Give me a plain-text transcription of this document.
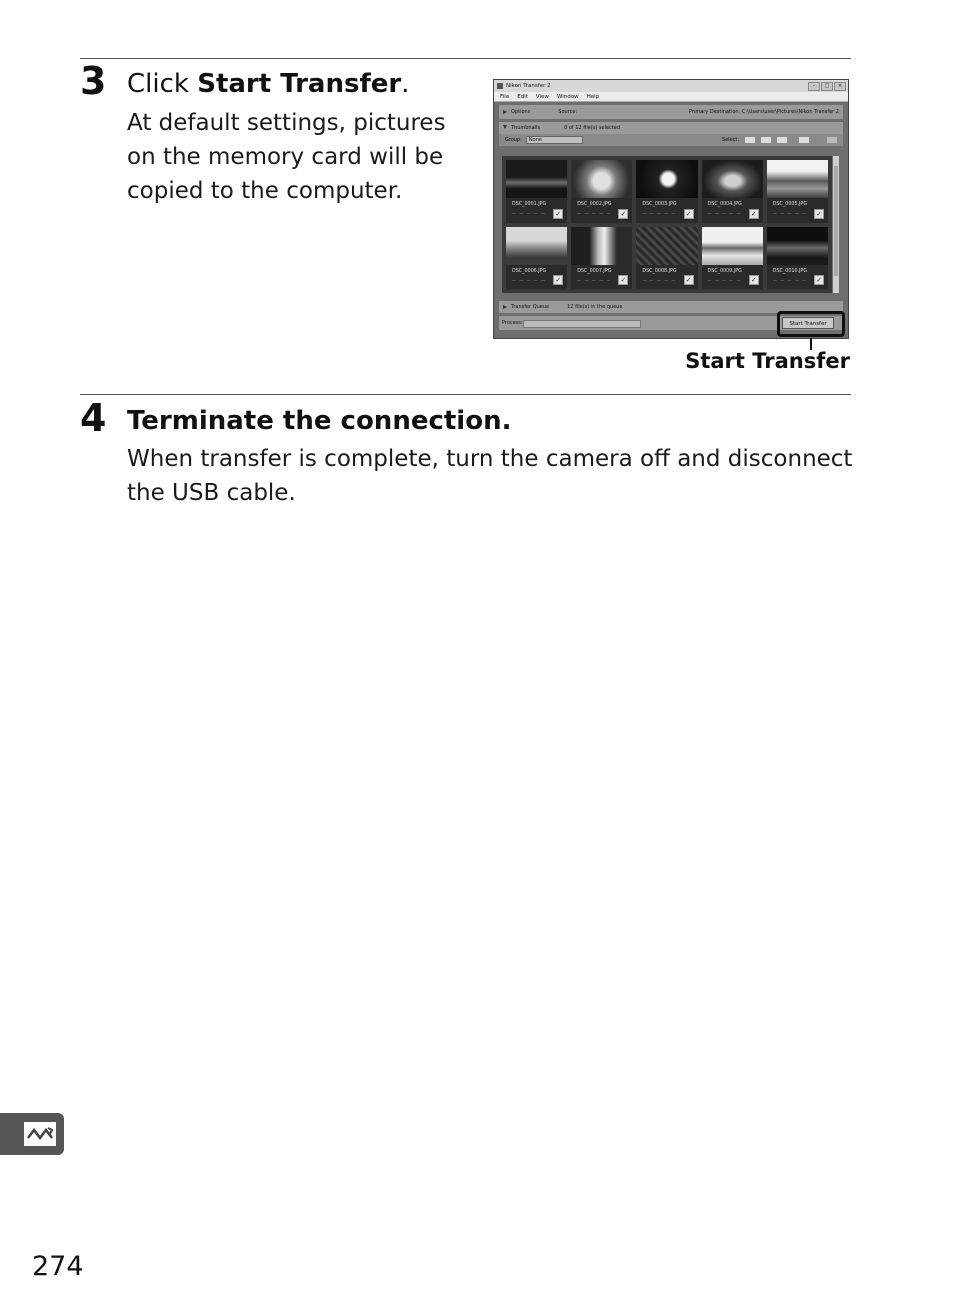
3 Click Start Transfer.
At default settings, pictures
on the memory card will be
copied to the computer.
Nikon Transfer 2	–	□	×
File Edit View Window Help
Options	Source:	Primary Destination: C:\Users\user\Pictures\Nikon Transfer 2
Thumbnails	0 of 12 file(s) selected
Group:	None	Select:
DSC_0001.JPG
— — — — — ✓
DSC_0002.JPG
— — — — — ✓
DSC_0003.JPG
— — — — — ✓
DSC_0004.JPG
— — — — — ✓
DSC_0005.JPG
— — — — — ✓
DSC_0006.JPG
— — — — — ✓
DSC_0007.JPG
— — — — — ✓
DSC_0008.JPG
— — — — — ✓
DSC_0009.JPG
— — — — — ✓
DSC_0010.JPG
— — — — — ✓
Transfer Queue	12 file(s) in the queue
Process:	Start Transfer
Start Transfer
4 Terminate the connection.
When transfer is complete, turn the camera off and disconnect
the USB cable.
274
